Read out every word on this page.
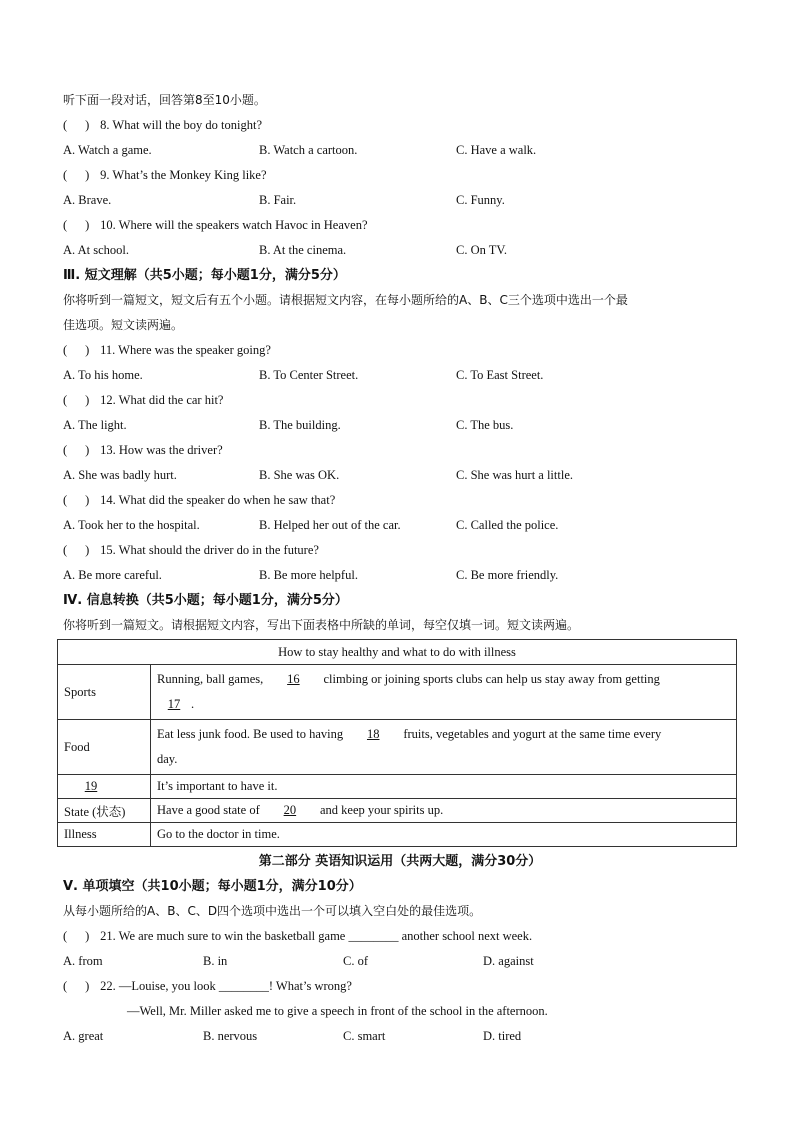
听下面一段对话，回答第8至10小题。
( ) 8. What will the boy do tonight?
A. Watch a game.	B. Watch a cartoon.	C. Have a walk.
( ) 9. What’s the Monkey King like?
A. Brave.	B. Fair.	C. Funny.
( ) 10. Where will the speakers watch Havoc in Heaven?
A. At school.	B. At the cinema.	C. On TV.
Ⅲ. 短文理解（共5小题；每小题1分，满分5分）
你将听到一篇短文，短文后有五个小题。请根据短文内容，在每小题所给的A、B、C三个选项中选出一个最
佳选项。短文读两遍。
( ) 11. Where was the speaker going?
A. To his home.	B. To Center Street.	C. To East Street.
( ) 12. What did the car hit?
A. The light.	B. The building.	C. The bus.
( ) 13. How was the driver?
A. She was badly hurt.	B. She was OK.	C. She was hurt a little.
( ) 14. What did the speaker do when he saw that?
A. Took her to the hospital.	B. Helped her out of the car.	C. Called the police.
( ) 15. What should the driver do in the future?
A. Be more careful.	B. Be more helpful.	C. Be more friendly.
Ⅳ. 信息转换（共5小题；每小题1分，满分5分）
你将听到一篇短文。请根据短文内容，写出下面表格中所缺的单词，每空仅填一词。短文读两遍。
How to stay healthy and what to do with illness	
Sports	Running, ball games, 16 climbing or joining sports clubs can help us stay away from getting
17 .
Food	Eat less junk food. Be used to having 18 fruits, vegetables and yogurt at the same time every
day.
19	It’s important to have it.
State (状态)	Have a good state of 20 and keep your spirits up.
Illness	Go to the doctor in time.
第二部分 英语知识运用（共两大题，满分30分）
Ⅴ. 单项填空（共10小题；每小题1分，满分10分）
从每小题所给的A、B、C、D四个选项中选出一个可以填入空白处的最佳选项。
( ) 21. We are much sure to win the basketball game ________ another school next week.
A. from	B. in	C. of	D. against
( ) 22. —Louise, you look ________! What’s wrong?
—Well, Mr. Miller asked me to give a speech in front of the school in the afternoon.
A. great	B. nervous	C. smart	D. tired
